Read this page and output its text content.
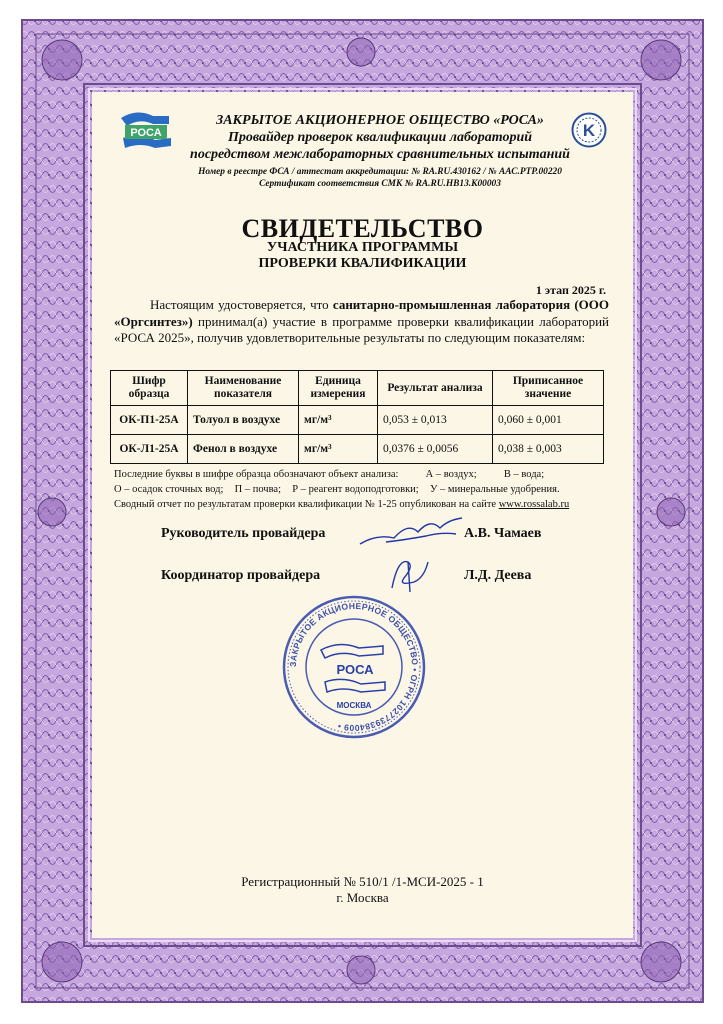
РОСА	K
ЗАКРЫТОЕ АКЦИОНЕРНОЕ ОБЩЕСТВО «РОСА»
Провайдер проверок квалификации лабораторий
посредством межлабораторных сравнительных испытаний
Номер в реестре ФСА / аттестат аккредитации: № RA.RU.430162 / № ААС.РТР.00220
Сертификат соответствия СМК № RA.RU.НВ13.К00003
СВИДЕТЕЛЬСТВО
УЧАСТНИКА ПРОГРАММЫ
ПРОВЕРКИ КВАЛИФИКАЦИИ
1 этап 2025 г.
Настоящим удостоверяется, что санитарно-промышленная лаборатория (ООО «Оргсинтез») принимал(а) участие в программе проверки квалификации лабораторий «РОСА 2025», получив удовлетворительные результаты по следующим показателям:
Шифр образца	Наименование показателя	Единица измерения	Результат анализа	Приписанное значение
ОК-П1-25А	Толуол в воздухе	мг/м³	0,053 ± 0,013	0,060 ± 0,001
ОК-Л1-25А	Фенол в воздухе	мг/м³	0,0376 ± 0,0056	0,038 ± 0,003
Последние буквы в шифре образца обозначают объект анализа:	А – воздух;	В – вода;
О – осадок сточных вод; П – почва; Р – реагент водоподготовки; У – минеральные удобрения.
Сводный отчет по результатам проверки квалификации № 1-25 опубликован на сайте www.rossalab.ru
Руководитель провайдера	А.В. Чамаев
Координатор провайдера	Л.Д. Деева
ЗАКРЫТОЕ АКЦИОНЕРНОЕ ОБЩЕСТВО • ОГРН 1027739384009 •
РОСА
МОСКВА
Регистрационный № 510/1 /1-МСИ-2025 - 1
г. Москва
